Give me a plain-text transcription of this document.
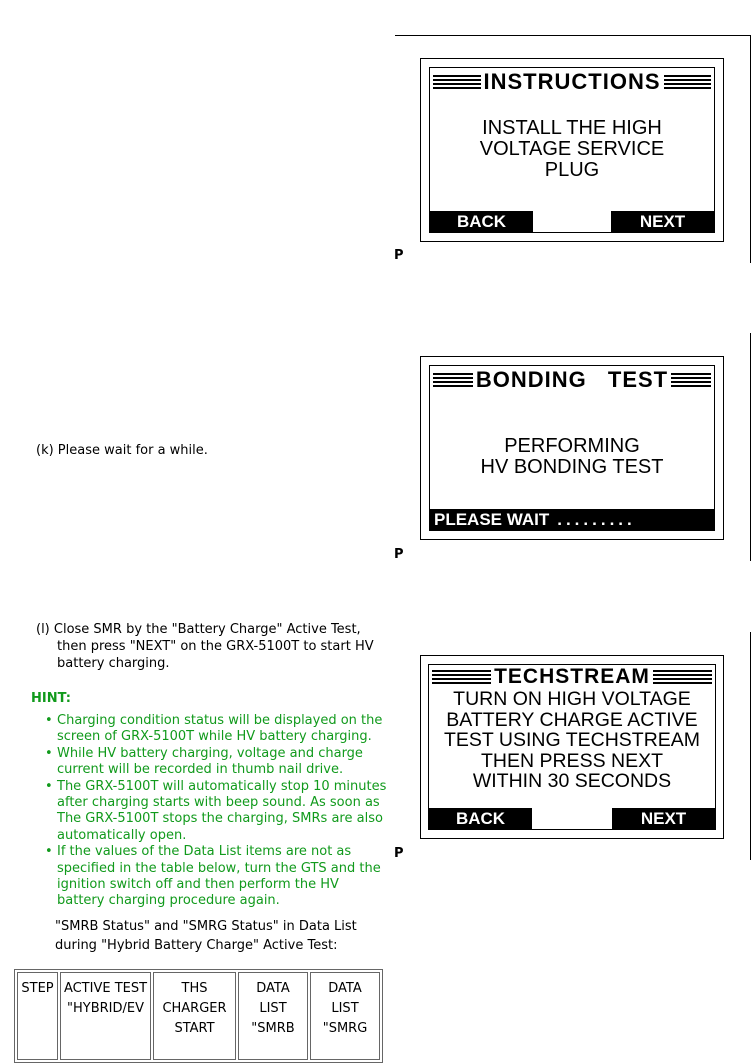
INSTRUCTIONS
INSTALL THE HIGH
VOLTAGE SERVICE
PLUG
BACK	NEXT
P
BONDING TEST
PERFORMING
HV BONDING TEST
PLEASE WAIT .........
P
TECHSTREAM
TURN ON HIGH VOLTAGE
BATTERY CHARGE ACTIVE
TEST USING TECHSTREAM
THEN PRESS NEXT
WITHIN 30 SECONDS
BACK	NEXT
P
(k) Please wait for a while.
(l) Close SMR by the "Battery Charge" Active Test,
then press "NEXT" on the GRX-5100T to start HV
battery charging.
HINT:
• Charging condition status will be displayed on the screen of GRX-5100T while HV battery charging.
• While HV battery charging, voltage and charge current will be recorded in thumb nail drive.
• The GRX-5100T will automatically stop 10 minutes after charging starts with beep sound. As soon as The GRX-5100T stops the charging, SMRs are also automatically open.
• If the values of the Data List items are not as specified in the table below, turn the GTS and the ignition switch off and then perform the HV battery charging procedure again.
"SMRB Status" and "SMRG Status" in Data List during "Hybrid Battery Charge" Active Test:
STEP	ACTIVE TEST "HYBRID/EV	THS CHARGER START	DATA LIST "SMRB	DATA LIST "SMRG
